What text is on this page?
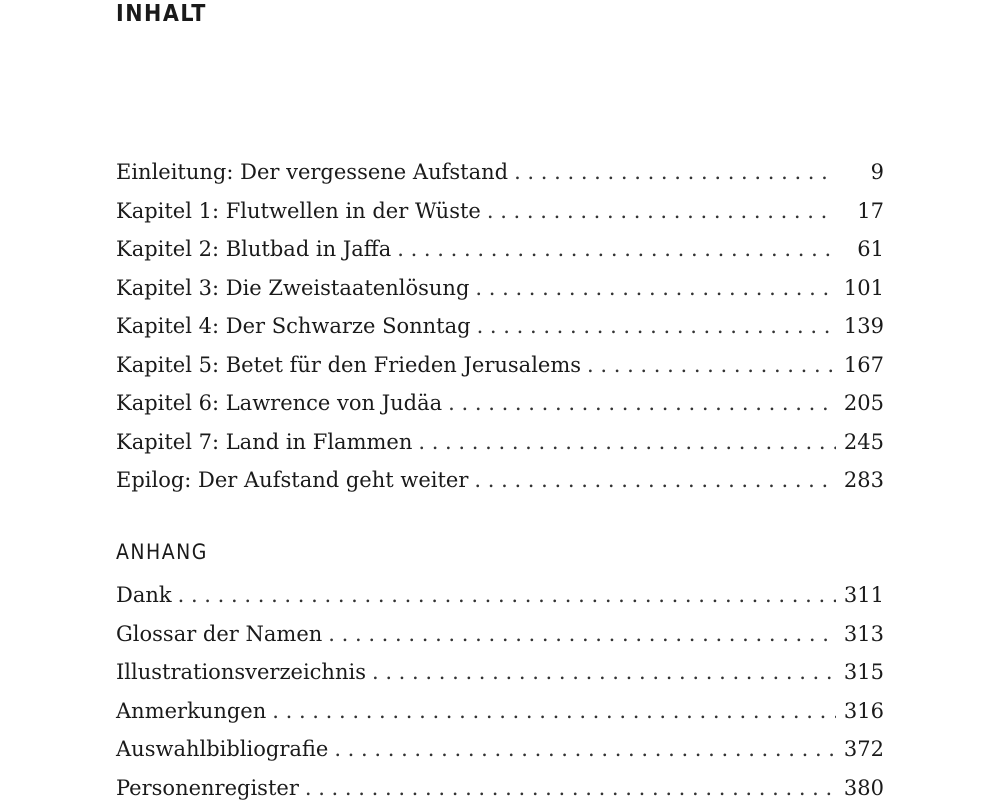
INHALT
Einleitung: Der vergessene Aufstand . . .	9
Kapitel 1: Flutwellen in der Wüste . . .	17
Kapitel 2: Blutbad in Jaffa . . .	61
Kapitel 3: Die Zweistaatenlösung . . .	101
Kapitel 4: Der Schwarze Sonntag . . .	139
Kapitel 5: Betet für den Frieden Jerusalems . . .	167
Kapitel 6: Lawrence von Judäa . . .	205
Kapitel 7: Land in Flammen . . .	245
Epilog: Der Aufstand geht weiter . . .	283
ANHANG
Dank . . .	311
Glossar der Namen . . .	313
Illustrationsverzeichnis . . .	315
Anmerkungen . . .	316
Auswahlbibliografie . . .	372
Personenregister . . .	380
